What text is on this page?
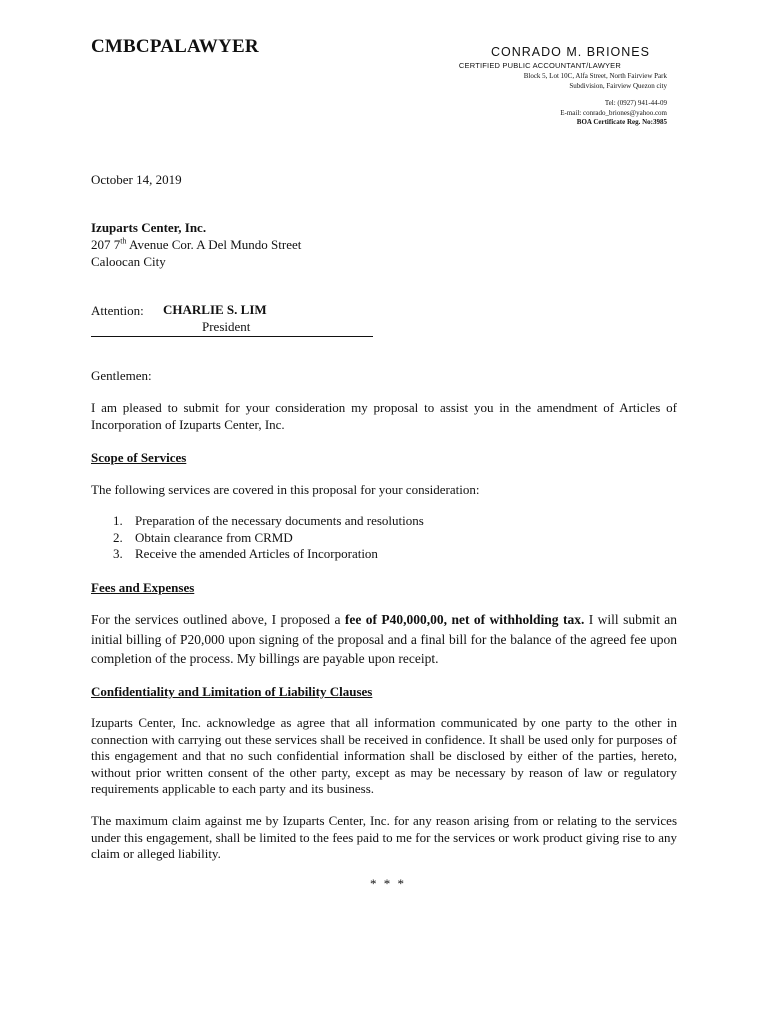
CMBCPALAWYER	CONRADO M. BRIONES
CERTIFIED PUBLIC ACCOUNTANT/LAWYER
Block 5, Lot 10C, Alfa Street, North Fairview Park
Subdivision, Fairview Quezon city
Tel: (0927) 941-44-09
E-mail: conrado_briones@yahoo.com
BOA Certificate Reg. No:3985
October 14, 2019
Izuparts Center, Inc.
207 7th Avenue Cor. A Del Mundo Street
Caloocan City
Attention: CHARLIE S. LIM
President
Gentlemen:
I am pleased to submit for your consideration my proposal to assist you in the amendment of Articles of Incorporation of Izuparts Center, Inc.
Scope of Services
The following services are covered in this proposal for your consideration:
1. Preparation of the necessary documents and resolutions
2. Obtain clearance from CRMD
3. Receive the amended Articles of Incorporation
Fees and Expenses
For the services outlined above, I proposed a fee of P40,000,00, net of withholding tax. I will submit an initial billing of P20,000 upon signing of the proposal and a final bill for the balance of the agreed fee upon completion of the process. My billings are payable upon receipt.
Confidentiality and Limitation of Liability Clauses
Izuparts Center, Inc. acknowledge as agree that all information communicated by one party to the other in connection with carrying out these services shall be received in confidence. It shall be used only for purposes of this engagement and that no such confidential information shall be disclosed by either of the parties, hereto, without prior written consent of the other party, except as may be necessary by reason of law or regulatory requirements applicable to each party and its business.
The maximum claim against me by Izuparts Center, Inc. for any reason arising from or relating to the services under this engagement, shall be limited to the fees paid to me for the services or work product giving rise to any claim or alleged liability.
* * *
